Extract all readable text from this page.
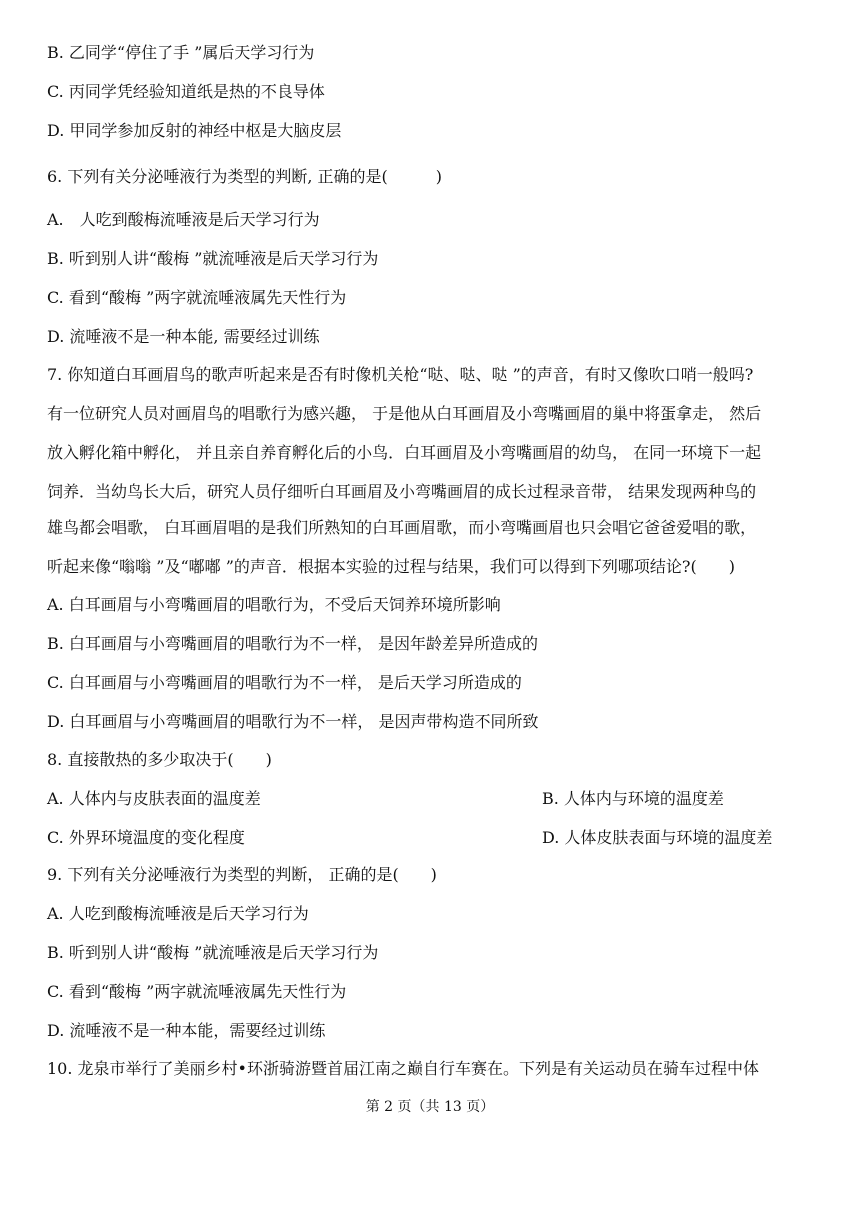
B. 乙同学“停住了手 ”属后天学习行为
C. 丙同学凭经验知道纸是热的不良导体
D. 甲同学参加反射的神经中枢是大脑皮层
6. 下列有关分泌唾液行为类型的判断, 正确的是(　　　)
A.　人吃到酸梅流唾液是后天学习行为
B. 听到别人讲“酸梅 ”就流唾液是后天学习行为
C. 看到“酸梅 ”两字就流唾液属先天性行为
D. 流唾液不是一种本能, 需要经过训练
7. 你知道白耳画眉鸟的歌声听起来是否有时像机关枪“哒、哒、哒 ”的声音，有时又像吹口哨一般吗?
有一位研究人员对画眉鸟的唱歌行为感兴趣， 于是他从白耳画眉及小弯嘴画眉的巢中将蛋拿走， 然后
放入孵化箱中孵化， 并且亲自养育孵化后的小鸟．白耳画眉及小弯嘴画眉的幼鸟， 在同一环境下一起
饲养．当幼鸟长大后，研究人员仔细听白耳画眉及小弯嘴画眉的成长过程录音带， 结果发现两种鸟的
雄鸟都会唱歌， 白耳画眉唱的是我们所熟知的白耳画眉歌，而小弯嘴画眉也只会唱它爸爸爱唱的歌，
听起来像“嗡嗡 ”及“嘟嘟 ”的声音．根据本实验的过程与结果，我们可以得到下列哪项结论?(　　)
A. 白耳画眉与小弯嘴画眉的唱歌行为，不受后天饲养环境所影响
B. 白耳画眉与小弯嘴画眉的唱歌行为不一样， 是因年龄差异所造成的
C. 白耳画眉与小弯嘴画眉的唱歌行为不一样， 是后天学习所造成的
D. 白耳画眉与小弯嘴画眉的唱歌行为不一样， 是因声带构造不同所致
8. 直接散热的多少取决于(　　)
A. 人体内与皮肤表面的温度差	B. 人体内与环境的温度差
C. 外界环境温度的变化程度	D. 人体皮肤表面与环境的温度差
9. 下列有关分泌唾液行为类型的判断， 正确的是(　　)
A. 人吃到酸梅流唾液是后天学习行为
B. 听到别人讲“酸梅 ”就流唾液是后天学习行为
C. 看到“酸梅 ”两字就流唾液属先天性行为
D. 流唾液不是一种本能，需要经过训练
10. 龙泉市举行了美丽乡村•环浙骑游暨首届江南之巅自行车赛在。下列是有关运动员在骑车过程中体
第 2 页（共 13 页）
